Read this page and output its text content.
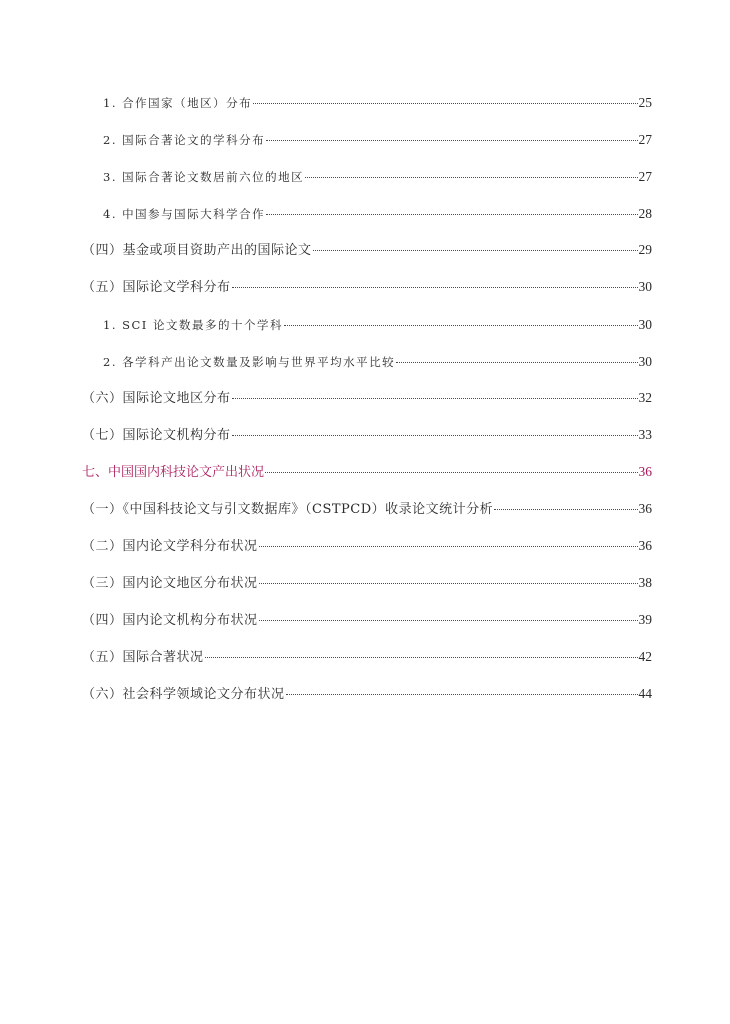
1. 合作国家（地区）分布	25
2. 国际合著论文的学科分布	27
3. 国际合著论文数居前六位的地区	27
4. 中国参与国际大科学合作	28
（四）基金或项目资助产出的国际论文	29
（五）国际论文学科分布	30
1. SCI 论文数最多的十个学科	30
2. 各学科产出论文数量及影响与世界平均水平比较	30
（六）国际论文地区分布	32
（七）国际论文机构分布	33
七、中国国内科技论文产出状况	36
（一）《中国科技论文与引文数据库》（CSTPCD）收录论文统计分析	36
（二）国内论文学科分布状况	36
（三）国内论文地区分布状况	38
（四）国内论文机构分布状况	39
（五）国际合著状况	42
（六）社会科学领域论文分布状况	44
